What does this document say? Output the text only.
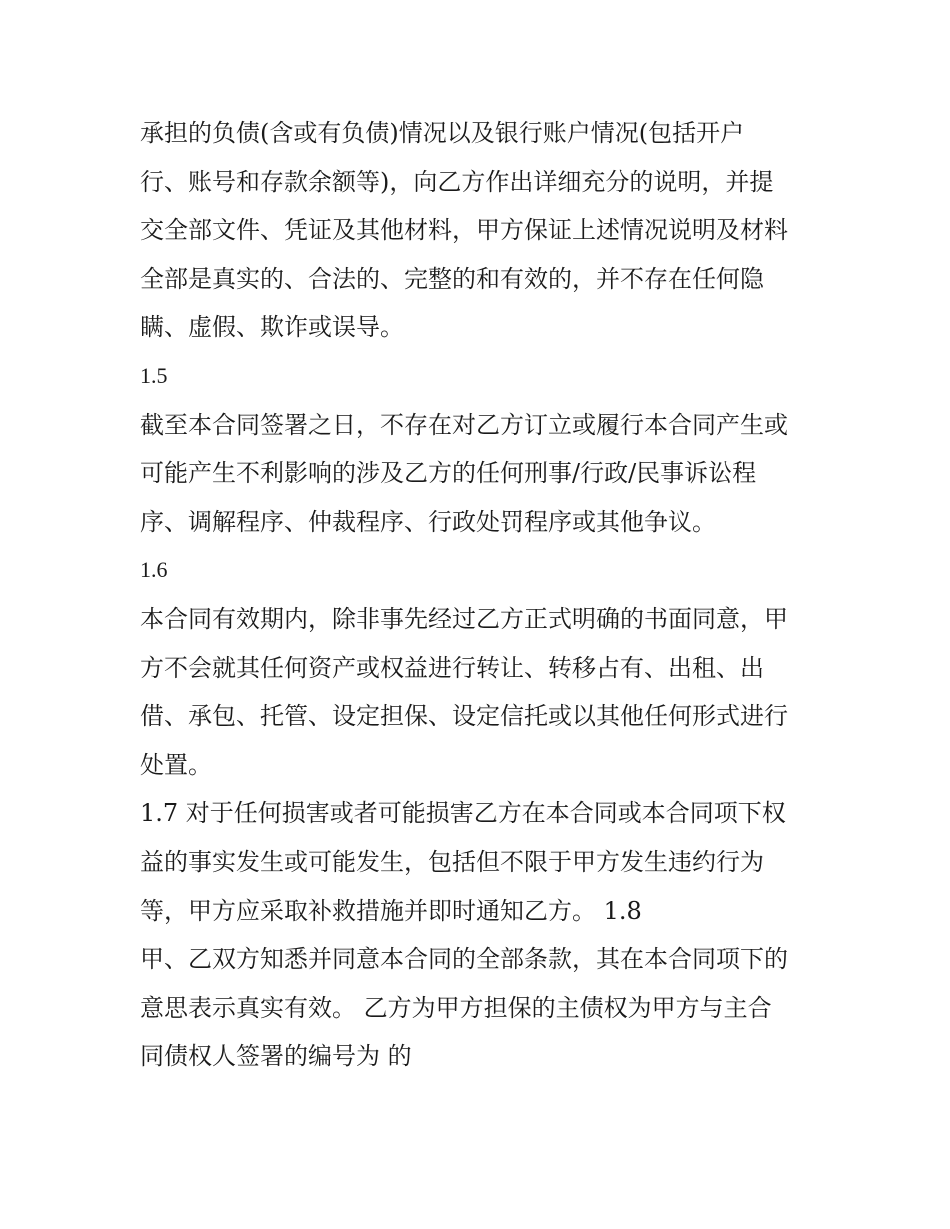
承担的负债(含或有负债)情况以及银行账户情况(包括开户
行、账号和存款余额等)，向乙方作出详细充分的说明，并提
交全部文件、凭证及其他材料，甲方保证上述情况说明及材料
全部是真实的、合法的、完整的和有效的，并不存在任何隐
瞒、虚假、欺诈或误导。
1.5
截至本合同签署之日，不存在对乙方订立或履行本合同产生或
可能产生不利影响的涉及乙方的任何刑事/行政/民事诉讼程
序、调解程序、仲裁程序、行政处罚程序或其他争议。
1.6
本合同有效期内，除非事先经过乙方正式明确的书面同意，甲
方不会就其任何资产或权益进行转让、转移占有、出租、出
借、承包、托管、设定担保、设定信托或以其他任何形式进行
处置。
1.7 对于任何损害或者可能损害乙方在本合同或本合同项下权
益的事实发生或可能发生，包括但不限于甲方发生违约行为
等，甲方应采取补救措施并即时通知乙方。 1.8
甲、乙双方知悉并同意本合同的全部条款，其在本合同项下的
意思表示真实有效。 乙方为甲方担保的主债权为甲方与主合
同债权人签署的编号为 的
